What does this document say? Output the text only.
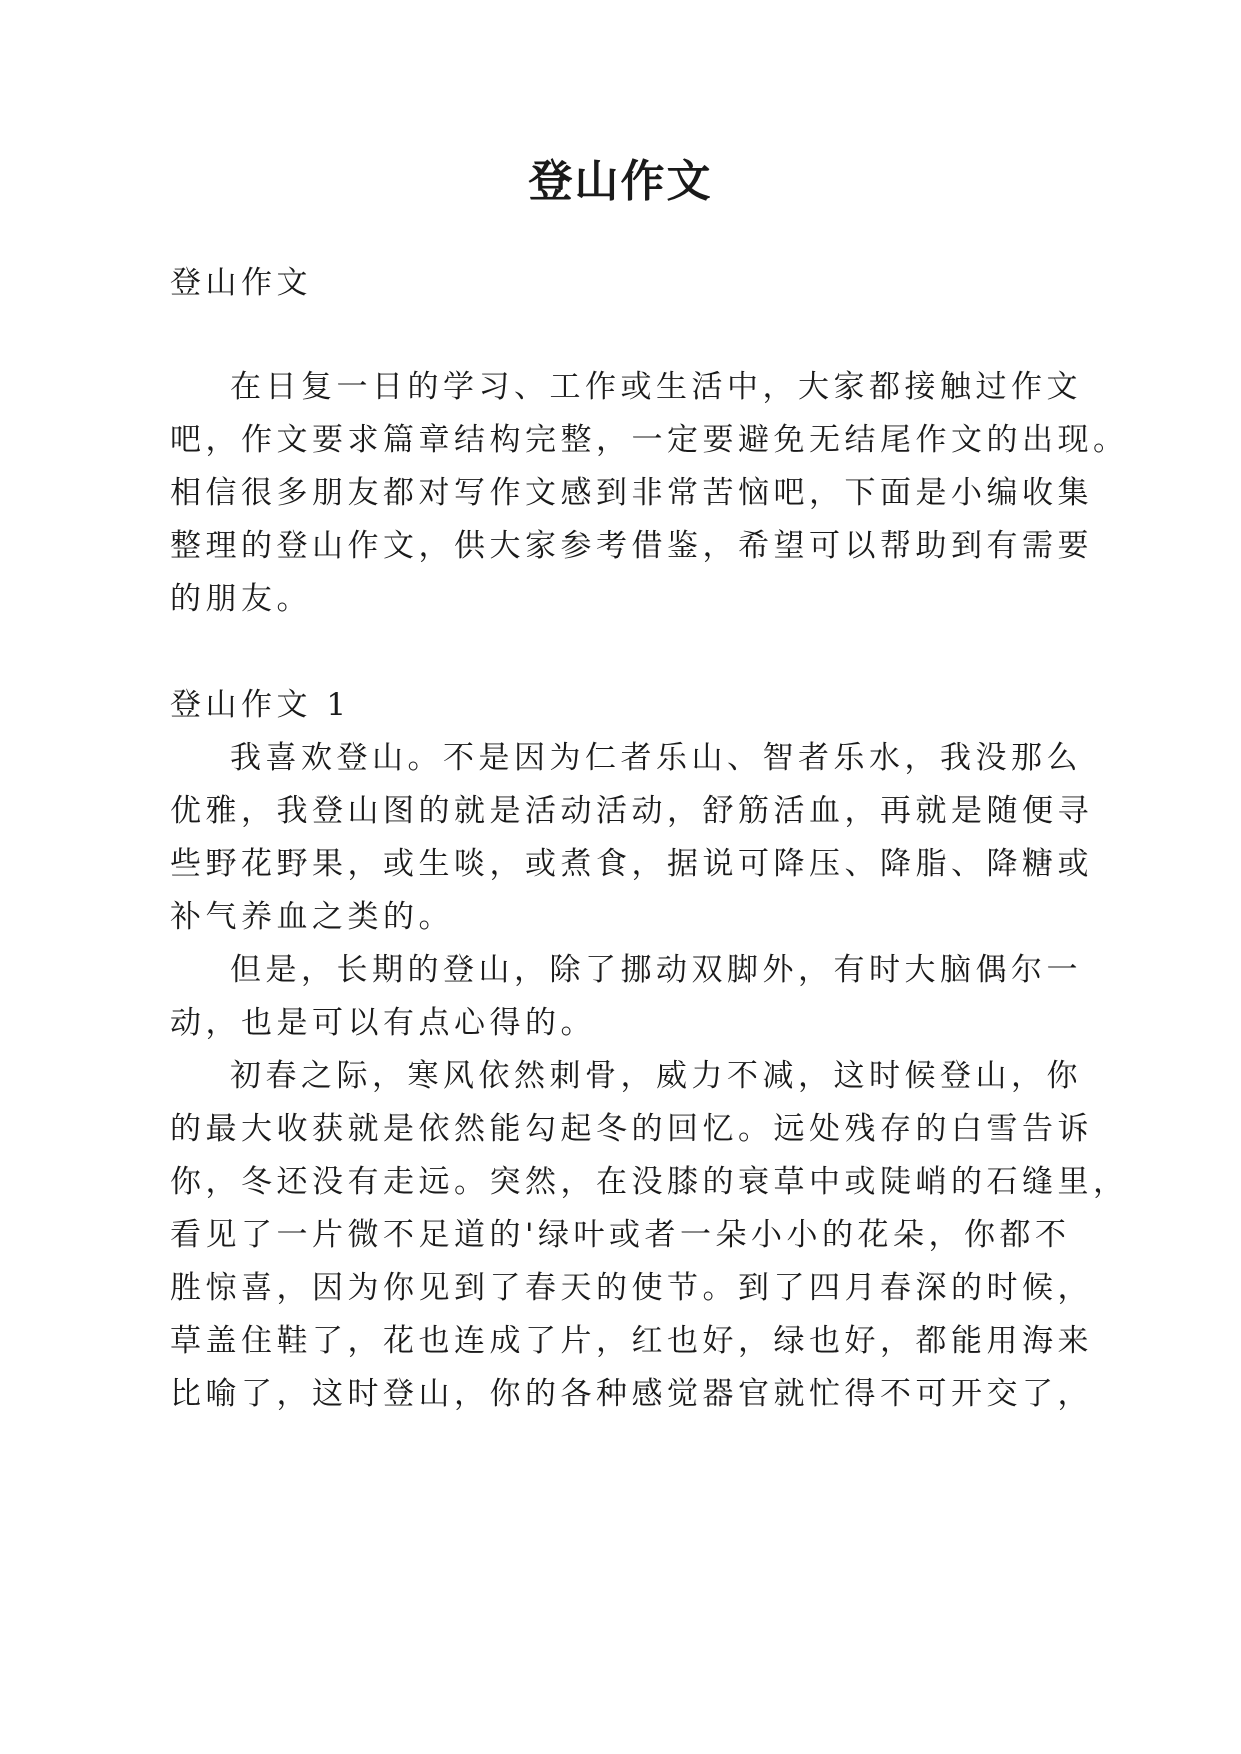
登山作文
登山作文
在日复一日的学习、工作或生活中，大家都接触过作文
吧，作文要求篇章结构完整，一定要避免无结尾作文的出现。
相信很多朋友都对写作文感到非常苦恼吧，下面是小编收集
整理的登山作文，供大家参考借鉴，希望可以帮助到有需要
的朋友。
登山作文 1
我喜欢登山。不是因为仁者乐山、智者乐水，我没那么
优雅，我登山图的就是活动活动，舒筋活血，再就是随便寻
些野花野果，或生啖，或煮食，据说可降压、降脂、降糖或
补气养血之类的。
但是，长期的登山，除了挪动双脚外，有时大脑偶尔一
动，也是可以有点心得的。
初春之际，寒风依然刺骨，威力不减，这时候登山，你
的最大收获就是依然能勾起冬的回忆。远处残存的白雪告诉
你，冬还没有走远。突然，在没膝的衰草中或陡峭的石缝里，
看见了一片微不足道的'绿叶或者一朵小小的花朵，你都不
胜惊喜，因为你见到了春天的使节。到了四月春深的时候，
草盖住鞋了，花也连成了片，红也好，绿也好，都能用海来
比喻了，这时登山，你的各种感觉器官就忙得不可开交了，
